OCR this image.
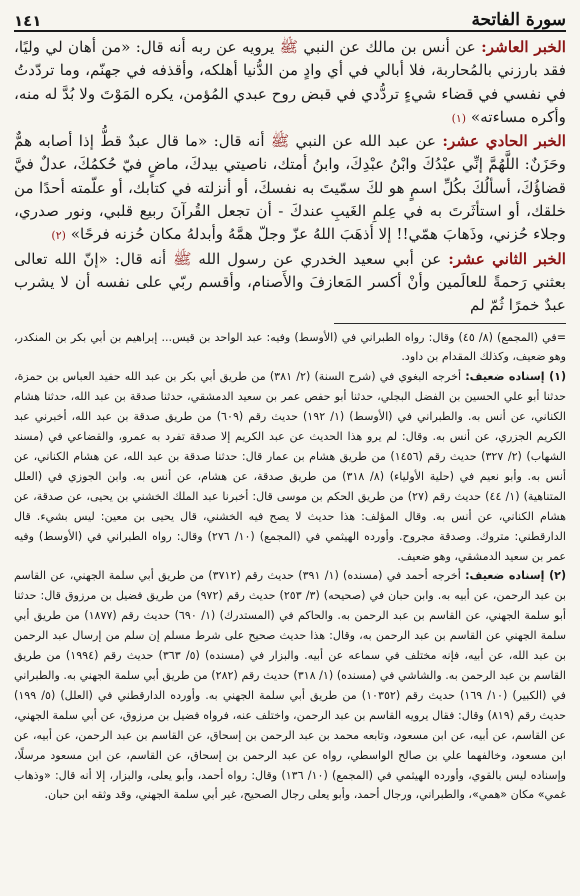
سورة الفاتحة
١٤١

الخبر العاشر: عن أنس بن مالك عن النبي ﷺ يرويه عن ربه أنه قال: «من أهان لي وليًا، فقد بارزني بالمُحاربة، فلا أبالي في أي وادٍ من الدُّنيا أهلكه، وأقذفه في جهنّم، وما تردّدتُ في نفسي في قضاء شيءٍ تردُّدي في قبض روح عبدي المُؤمن، يكره المَوْتَ ولا بُدَّ له منه، وأكره مساءته» (١)

الخبر الحادي عشر: عن عبد الله عن النبي ﷺ أنه قال: «ما قال عبدٌ قطُّ إذا أصابه همٌّ وحَزَنٌ: اللَّهُمَّ إنِّي عبْدُكَ وابْنُ عبْدِكَ، وابنُ أمتك، ناصيتي بيدكَ، ماضٍ فيّ حُكمُكَ، عدلٌ فيَّ قضاؤُكَ، أسألُكَ بكُلِّ اسمٍ هو لكَ سمّيتَ به نفسكَ، أو أنزلته في كتابك، أو علّمته أحدًا من خلقك، أو استأثَرتَ به في عِلمِ الغَيبِ عندكَ - أن تجعل القُرآنَ ربيع قلبي، ونور صدري، وجلاء حُزني، وذَهابَ همّي!! إلا أذهَبَ اللهُ عزّ وجلّ همَّهُ وأبدلهُ مكان حُزنه فرحًا» (٢)

الخبر الثاني عشر: عن أبي سعيد الخدري عن رسول الله ﷺ أنه قال: «إنّ الله تعالى بعثني رَحمةً للعالَمين وأنْ أكسر المَعازفَ والأَصنام، وأقسم ربّي على نفسه أن لا يشرب عبدٌ خمرًا ثُمّ لم

=في (المجمع) (٨/ ٤٥) وقال: رواه الطبراني في (الأوسط) وفيه: عبد الواحد بن قيس... إبراهيم بن أبي بكر بن المنكدر، وهو ضعيف، وكذلك المقدام بن داود.

(١) إسناده ضعيف: أخرجه البغوي في (شرح السنة) (٢/ ٣٨١) من طريق أبي بكر بن عبد الله حفيد العباس بن حمزة، حدثنا أبو علي الحسين بن الفضل البجلي، حدثنا أبو حفص عمر بن سعيد الدمشقي، حدثنا صدقة بن عبد الله، حدثنا هشام الكناني، عن أنس به. والطبراني في (الأوسط) (١/ ١٩٢) حديث رقم (٦٠٩) من طريق صدقة بن عبد الله، أخبرني عبد الكريم الجزري، عن أنس به. وقال: لم يرو هذا الحديث عن عبد الكريم إلا صدقة تفرد به عمرو، والقضاعي في (مسند الشهاب) (٢/ ٣٢٧) حديث رقم (١٤٥٦) من طريق هشام بن عمار قال: حدثنا صدقة بن عبد الله، عن هشام الكناني، عن أنس به. وأبو نعيم في (حلية الأولياء) (٨/ ٣١٨) من طريق صدقة، عن هشام، عن أنس به. وابن الجوزي في (العلل المتناهية) (١/ ٤٤) حديث رقم (٢٧) من طريق الحكم بن موسى قال: أخبرنا عبد الملك الخشني بن يحيى، عن صدقة، عن هشام الكناني، عن أنس به. وقال المؤلف: هذا حديث لا يصح فيه الخشني، قال يحيى بن معين: ليس بشيء. قال الدارقطني: متروك. وصدقة مجروح. وأورده الهيثمي في (المجمع) (١٠/ ٢٧٦) وقال: رواه الطبراني في (الأوسط) وفيه عمر بن سعيد الدمشقي، وهو ضعيف.

(٢) إسناده ضعيف: أخرجه أحمد في (مسنده) (١/ ٣٩١) حديث رقم (٣٧١٢) من طريق أبي سلمة الجهني، عن القاسم بن عبد الرحمن، عن أبيه به. وابن حبان في (صحيحه) (٣/ ٢٥٣) حديث رقم (٩٧٢) من طريق فضيل بن مرزوق قال: حدثنا أبو سلمة الجهني، عن القاسم بن عبد الرحمن به. والحاكم في (المستدرك) (١/ ٦٩٠) حديث رقم (١٨٧٧) من طريق أبي سلمة الجهني عن القاسم بن عبد الرحمن به، وقال: هذا حديث صحيح على شرط مسلم إن سلم من إرسال عبد الرحمن بن عبد الله، عن أبيه، فإنه مختلف في سماعه عن أبيه. والبزار في (مسنده) (٥/ ٣٦٣) حديث رقم (١٩٩٤) من طريق القاسم بن عبد الرحمن به. والشاشي في (مسنده) (١/ ٣١٨) حديث رقم (٢٨٢) من طريق أبي سلمة الجهني به. والطبراني في (الكبير) (١٠/ ١٦٩) حديث رقم (١٠٣٥٢) من طريق أبي سلمة الجهني به. وأورده الدارقطني في (العلل) (٥/ ١٩٩) حديث رقم (٨١٩) وقال: فقال يرويه القاسم بن عبد الرحمن، واختلف عنه، فرواه فضيل بن مرزوق، عن أبي سلمة الجهني، عن القاسم، عن أبيه، عن ابن مسعود، وتابعه محمد بن عبد الرحمن بن إسحاق، عن القاسم بن عبد الرحمن، عن أبيه، عن ابن مسعود، وخالفهما علي بن صالح الواسطي، رواه عن عبد الرحمن بن إسحاق، عن القاسم، عن ابن مسعود مرسلًا، وإسناده ليس بالقوي، وأورده الهيثمي في (المجمع) (١٠/ ١٣٦) وقال: رواه أحمد، وأبو يعلى، والبزار، إلا أنه قال: «وذهاب غمي» مكان «همي»، والطبراني، ورجال أحمد، وأبو يعلى رجال الصحيح، غير أبي سلمة الجهني، وقد وثقه ابن حبان.
